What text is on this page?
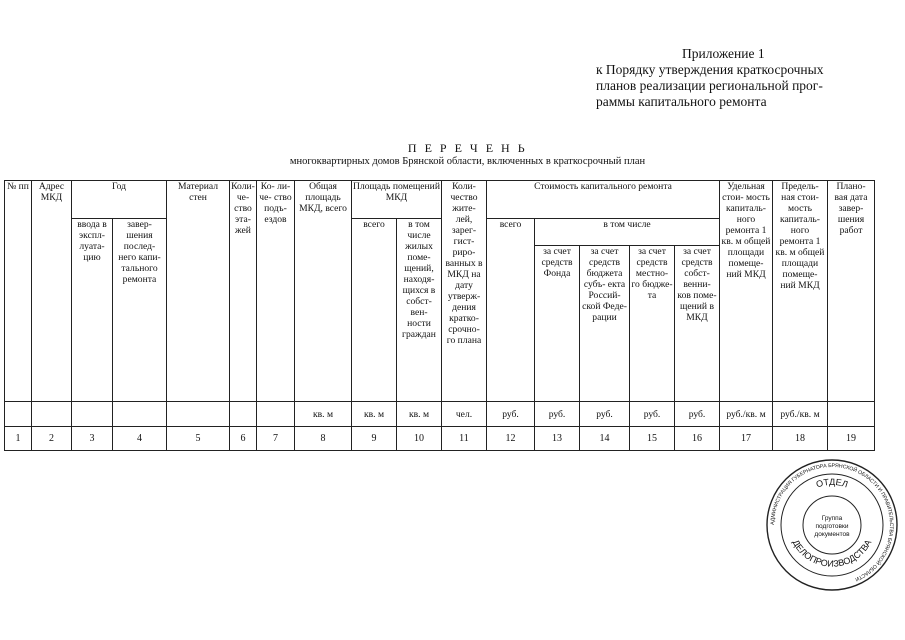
Приложение 1
к Порядку утверждения краткосрочных
планов реализации региональной прог-
раммы капитального ремонта
П Е Р Е Ч Е Н Ь
многоквартирных домов Брянской области, включенных в краткосрочный план
№ пп	Адрес МКД	Год		Материал стен	Коли- че- ство эта- жей	Ко- ли-че- ство подъ- ездов	Общая площадь МКД, всего	Площадь помещений МКД		Коли- чество жите- лей, зарег- гист- риро- ванных в МКД на дату утверж- дения кратко- срочно- го плана	Стоимость капитального ремонта					Удельная стои- мость капиталь- ного ремонта 1 кв. м общей площади помеще- ний МКД	Предель- ная стои- мость капиталь- ного ремонта 1 кв. м общей площади помеще- ний МКД	Плано- вая дата завер- шения работ
		ввода в экспл- луата- цию	завер- шения послед- него капи- тального ремонта					всего	в том числе жилых поме- щений, находя- щихся в собст- вен- ности граждан		всего	в том числе						
												за счет средств Фонда	за счет средств бюджета субъ- екта Россий- ской Феде- рации	за счет средств местно- го бюдже- та	за счет средств собст- венни- ков поме- щений в МКД			
							кв. м	кв. м	кв. м	чел.	руб.	руб.	руб.	руб.	руб.	руб./кв. м	руб./кв. м	
1	2	3	4	5	6	7	8	9	10	11	12	13	14	15	16	17	18	19
АДМИНИСТРАЦИЯ ГУБЕРНАТОРА БРЯНСКОЙ ОБЛАСТИ И ПРАВИТЕЛЬСТВА БРЯНСКОЙ ОБЛАСТИ
ОТДЕЛ
ДЕЛОПРОИЗВОДСТВА
Группа
подготовки
документов
